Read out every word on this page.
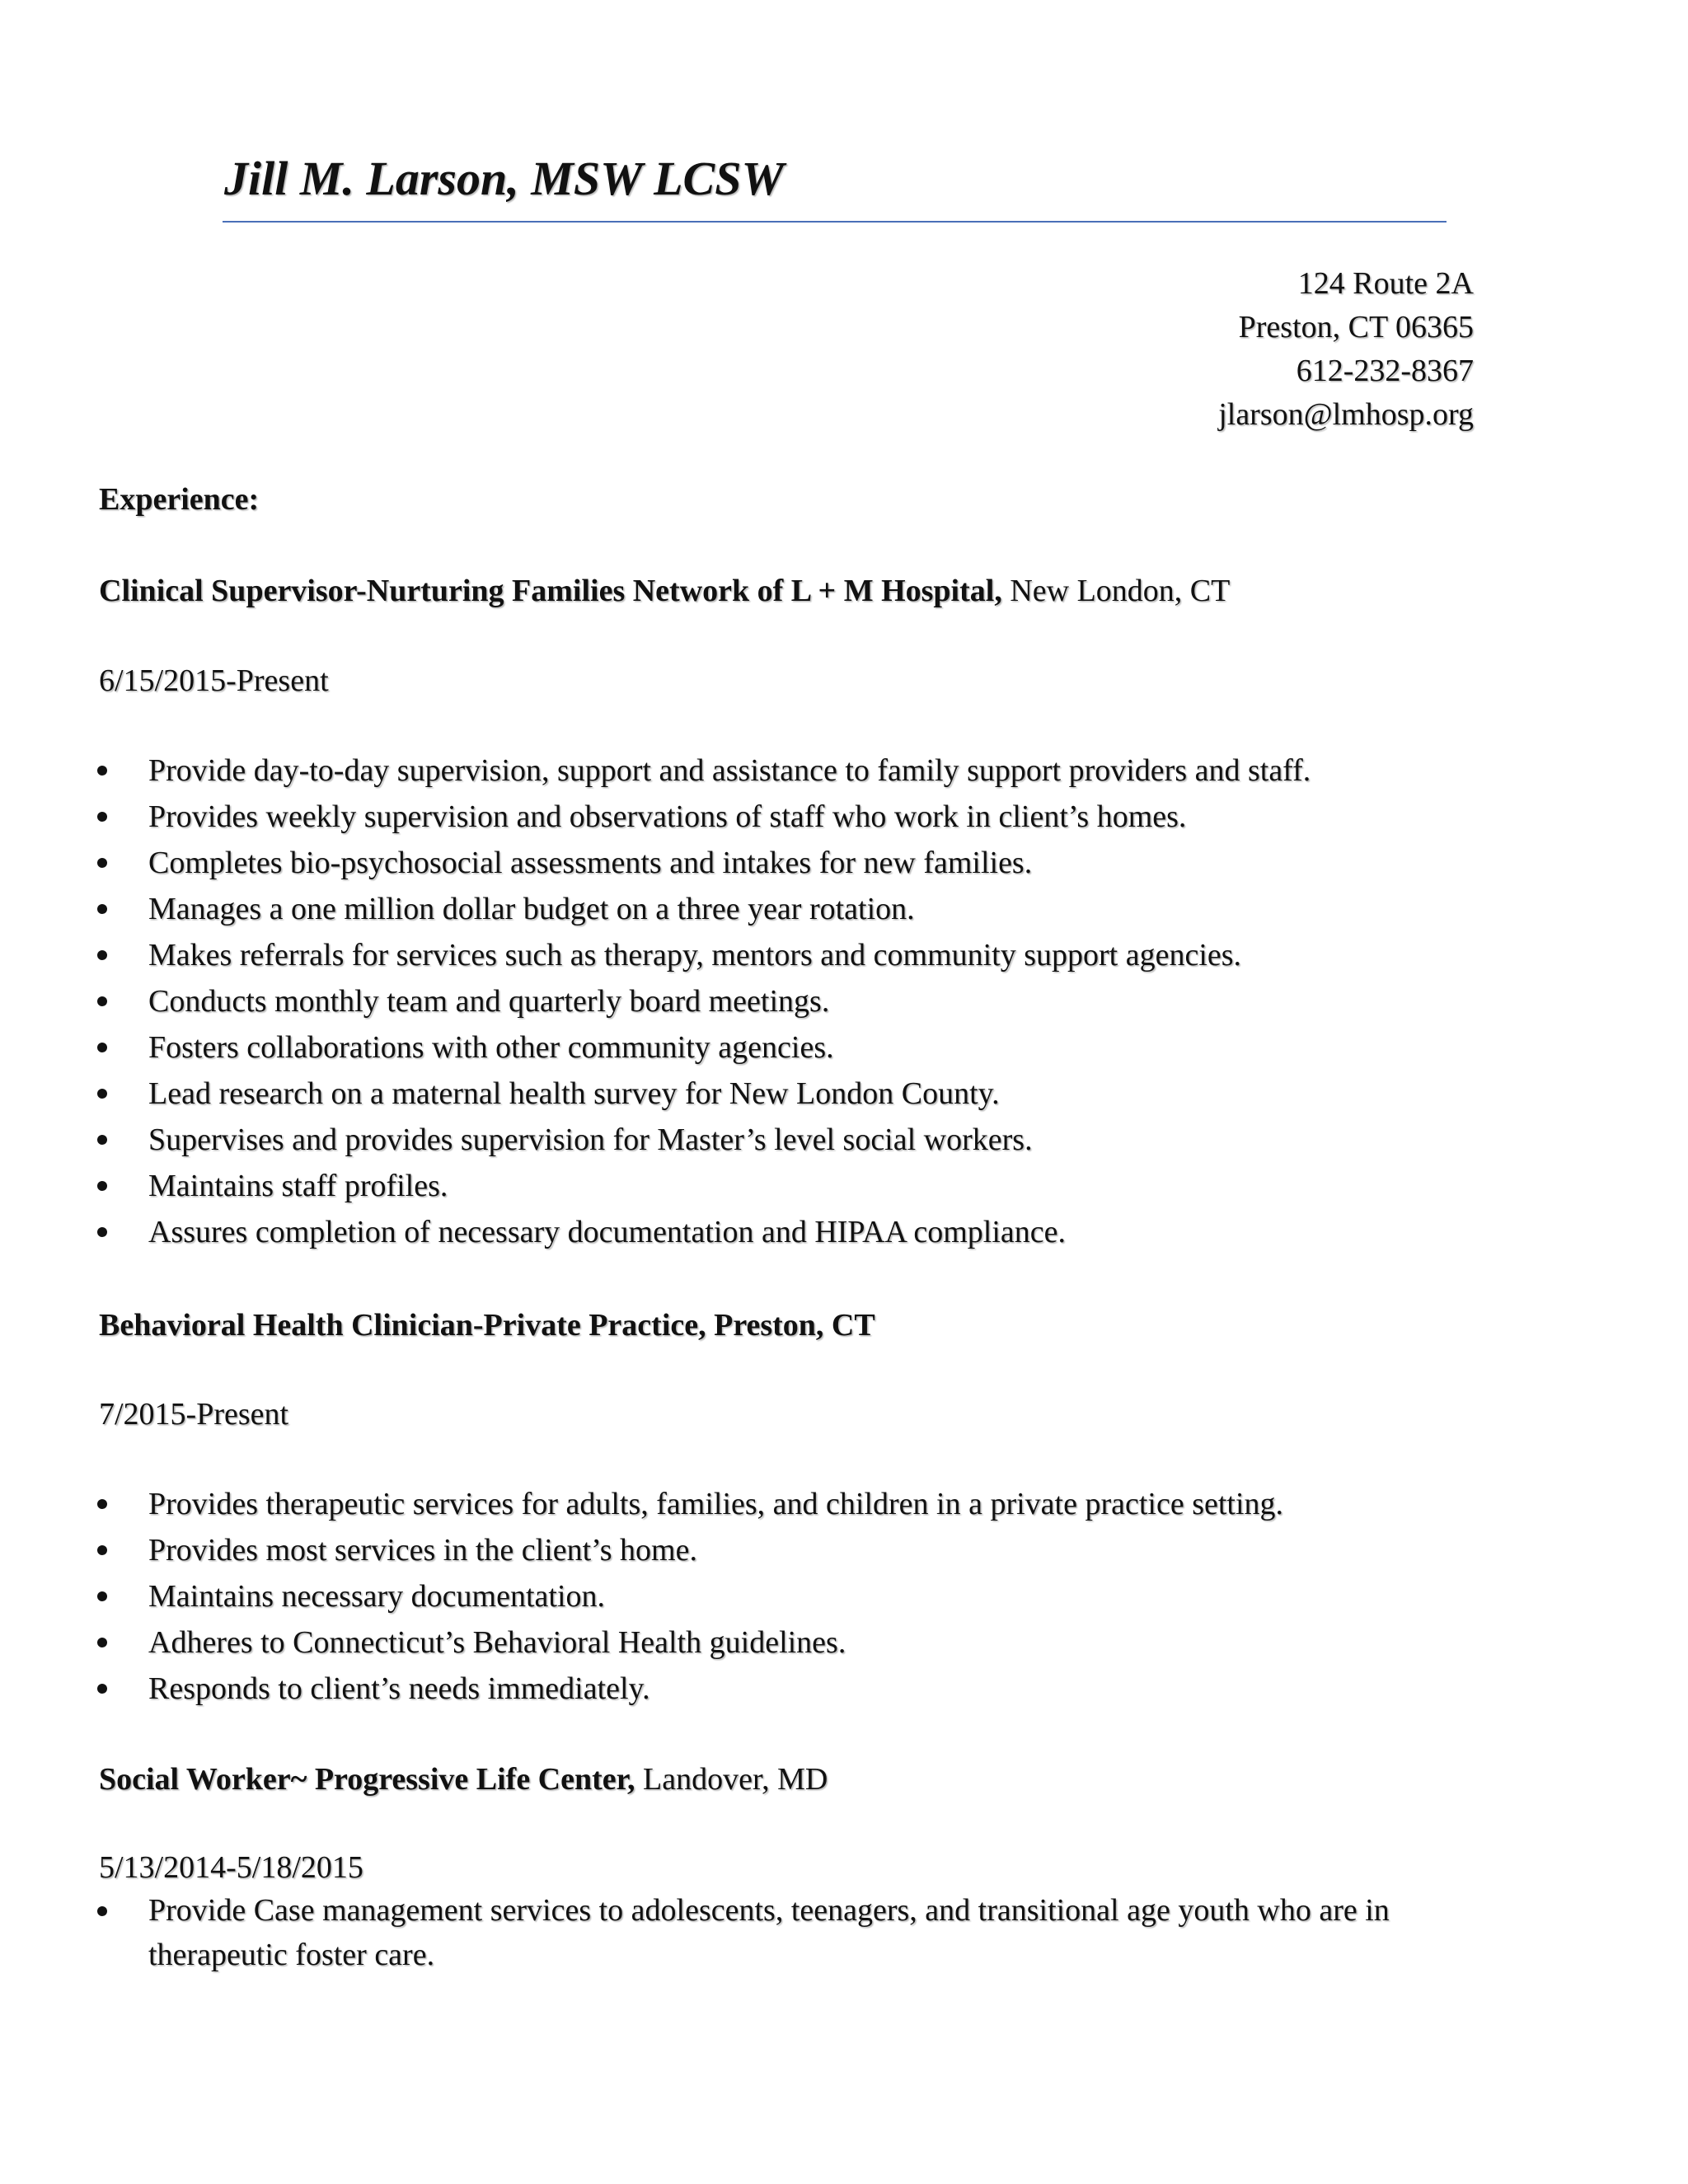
Jill M. Larson, MSW LCSW
124 Route 2A
Preston, CT 06365
612-232-8367
jlarson@lmhosp.org
Experience:
Clinical Supervisor-Nurturing Families Network of L + M Hospital, New London, CT
6/15/2015-Present
Provide day-to-day supervision, support and assistance to family support providers and staff.
Provides weekly supervision and observations of staff who work in client’s homes.
Completes bio-psychosocial assessments and intakes for new families.
Manages a one million dollar budget on a three year rotation.
Makes referrals for services such as therapy, mentors and community support agencies.
Conducts monthly team and quarterly board meetings.
Fosters collaborations with other community agencies.
Lead research on a maternal health survey for New London County.
Supervises and provides supervision for Master’s level social workers.
Maintains staff profiles.
Assures completion of necessary documentation and HIPAA compliance.
Behavioral Health Clinician-Private Practice, Preston, CT
7/2015-Present
Provides therapeutic services for adults, families, and children in a private practice setting.
Provides most services in the client’s home.
Maintains necessary documentation.
Adheres to Connecticut’s Behavioral Health guidelines.
Responds to client’s needs immediately.
Social Worker~ Progressive Life Center, Landover, MD
5/13/2014-5/18/2015
Provide Case management services to adolescents, teenagers, and transitional age youth who are in therapeutic foster care.
